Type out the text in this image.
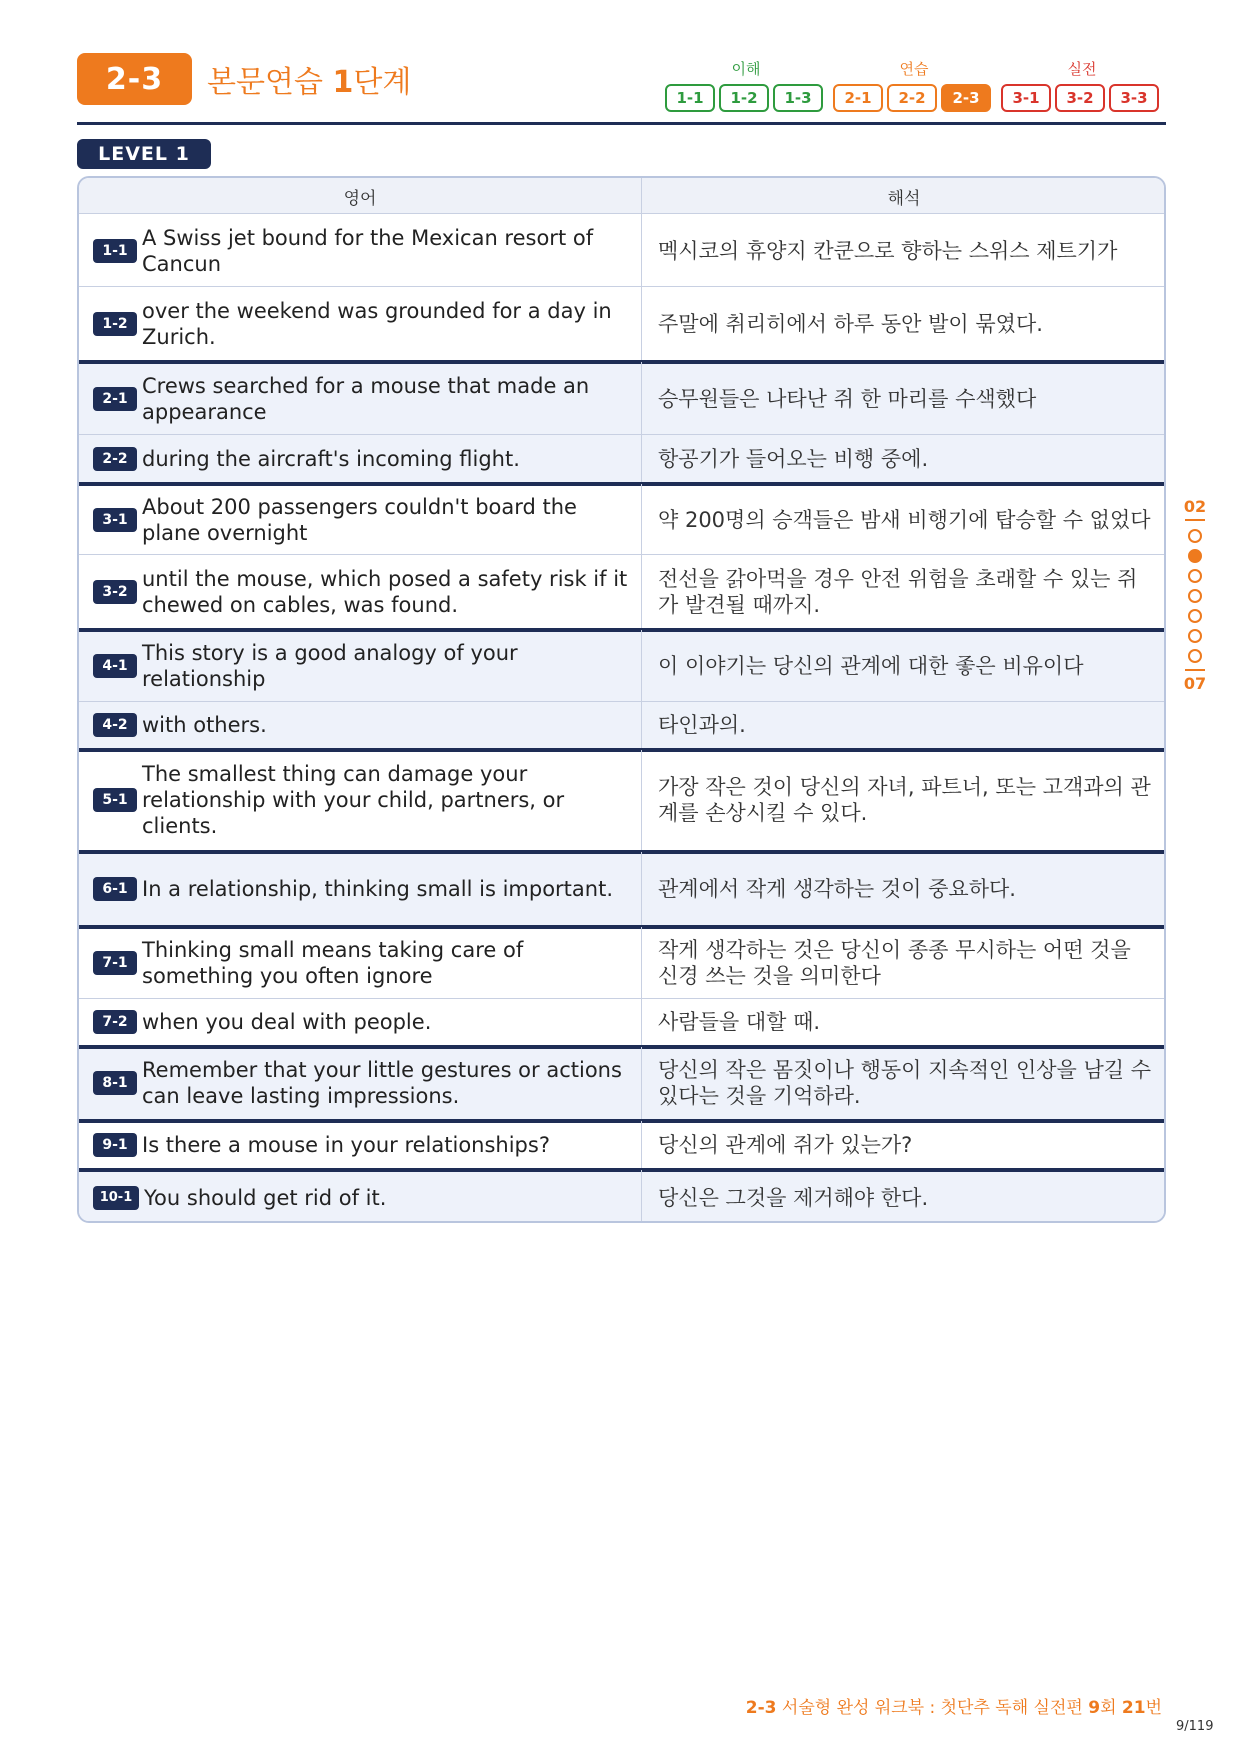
2-3	본문연습 1단계	이해
1-1	1-2	1-3
연습
2-1	2-2	2-3
실전
3-1	3-2	3-3
LEVEL 1
영어	해석
1-1
A Swiss jet bound for the Mexican resort of Cancun
멕시코의 휴양지 칸쿤으로 향하는 스위스 제트기가
1-2
over the weekend was grounded for a day in Zurich.
주말에 취리히에서 하루 동안 발이 묶였다.
2-1
Crews searched for a mouse that made an appearance
승무원들은 나타난 쥐 한 마리를 수색했다
2-2 during the aircraft's incoming flight.	항공기가 들어오는 비행 중에.
3-1
About 200 passengers couldn't board the plane overnight
약 200명의 승객들은 밤새 비행기에 탑승할 수 없었다
3-2
until the mouse, which posed a safety risk if it chewed on cables, was found.
전선을 갉아먹을 경우 안전 위험을 초래할 수 있는 쥐가 발견될 때까지.
4-1
This story is a good analogy of your relationship
이 이야기는 당신의 관계에 대한 좋은 비유이다
4-2 with others.	타인과의.
5-1
The smallest thing can damage your relationship with your child, partners, or clients.
가장 작은 것이 당신의 자녀, 파트너, 또는 고객과의 관계를 손상시킬 수 있다.
6-1 In a relationship, thinking small is important.	관계에서 작게 생각하는 것이 중요하다.
7-1
Thinking small means taking care of something you often ignore
작게 생각하는 것은 당신이 종종 무시하는 어떤 것을 신경 쓰는 것을 의미한다
7-2 when you deal with people.	사람들을 대할 때.
8-1
Remember that your little gestures or actions can leave lasting impressions.
당신의 작은 몸짓이나 행동이 지속적인 인상을 남길 수 있다는 것을 기억하라.
9-1 Is there a mouse in your relationships?	당신의 관계에 쥐가 있는가?
10-1 You should get rid of it.	당신은 그것을 제거해야 한다.
02
07
2-3 서술형 완성 워크북 : 첫단추 독해 실전편 9회 21번
9/119
